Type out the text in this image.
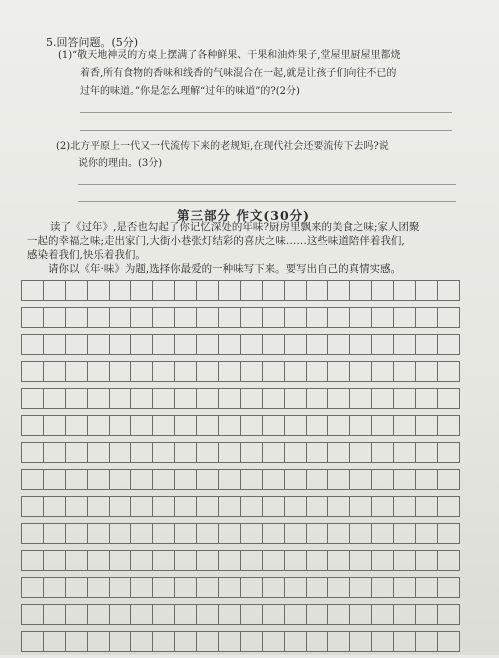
5.回答问题。(5分)
(1)“敬天地神灵的方桌上摆满了各种鲜果、干果和油炸果子,堂屋里厨屋里都烧
着香,所有食物的香味和线香的气味混合在一起,就是让孩子们向往不已的
过年的味道。”你是怎么理解“过年的味道”的?(2分)
(2)北方平原上一代又一代流传下来的老规矩,在现代社会还要流传下去吗?说
说你的理由。(3分)
第三部分 作文(30分)
读了《过年》,是否也勾起了你记忆深处的年味?厨房里飘来的美食之味;家人团聚
一起的幸福之味;走出家门,大街小巷张灯结彩的喜庆之味……这些味道陪伴着我们,
感染着我们,快乐着我们。
请你以《年·味》为题,选择你最爱的一种味写下来。要写出自己的真情实感。
